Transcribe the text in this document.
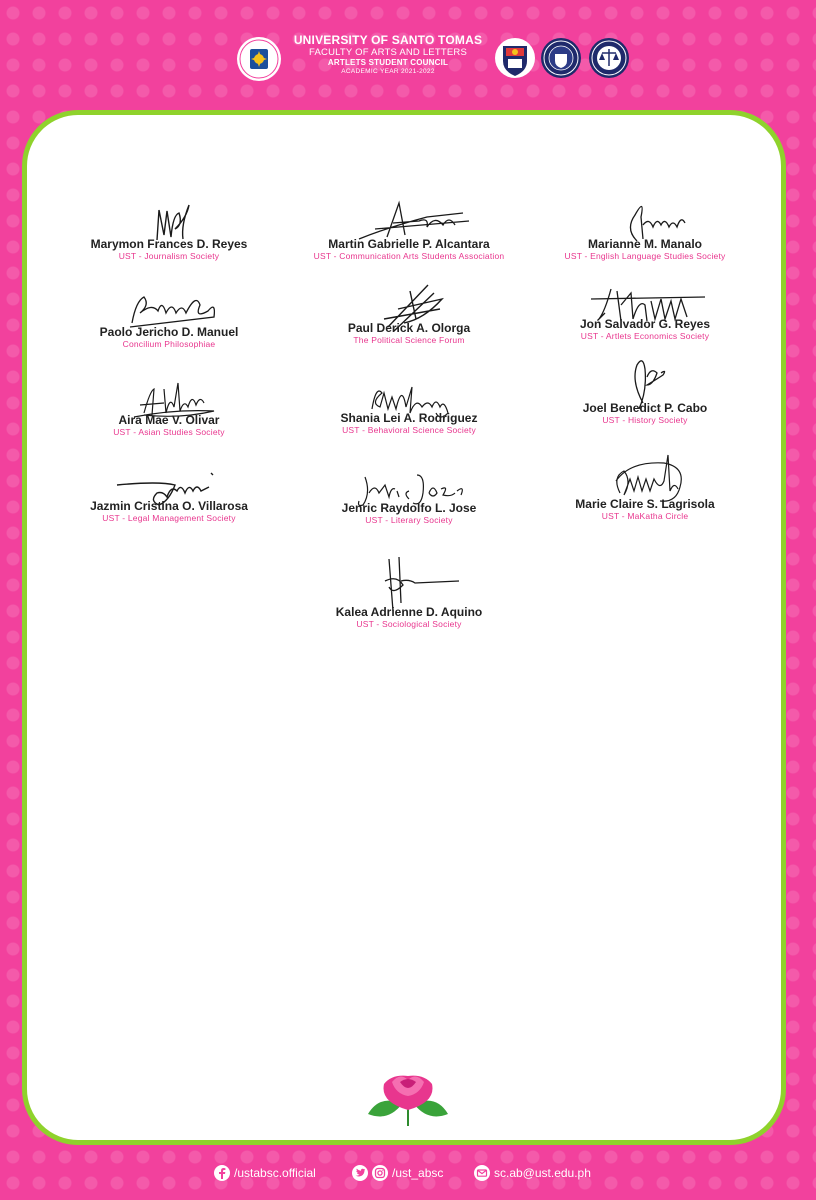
UNIVERSITY OF SANTO TOMAS
FACULTY OF ARTS AND LETTERS
ARTLETS STUDENT COUNCIL
ACADEMIC YEAR 2021-2022
Marymon Frances D. Reyes
UST - Journalism Society
Martin Gabrielle P. Alcantara
UST - Communication Arts Students Association
Marianne M. Manalo
UST - English Language Studies Society
Paolo Jericho D. Manuel
Concilium Philosophiae
Paul Derick A. Olorga
The Political Science Forum
Jon Salvador G. Reyes
UST - Artlets Economics Society
Aira Mae V. Olivar
UST - Asian Studies Society
Shania Lei A. Rodriguez
UST - Behavioral Science Society
Joel Benedict P. Cabo
UST - History Society
Jazmin Cristina O. Villarosa
UST - Legal Management Society
Jenric Raydolfo L. Jose
UST - Literary Society
Marie Claire S. Lagrisola
UST - MaKatha Circle
Kalea Adrienne D. Aquino
UST - Sociological Society
/ustabsc.official	/ust_absc	sc.ab@ust.edu.ph
